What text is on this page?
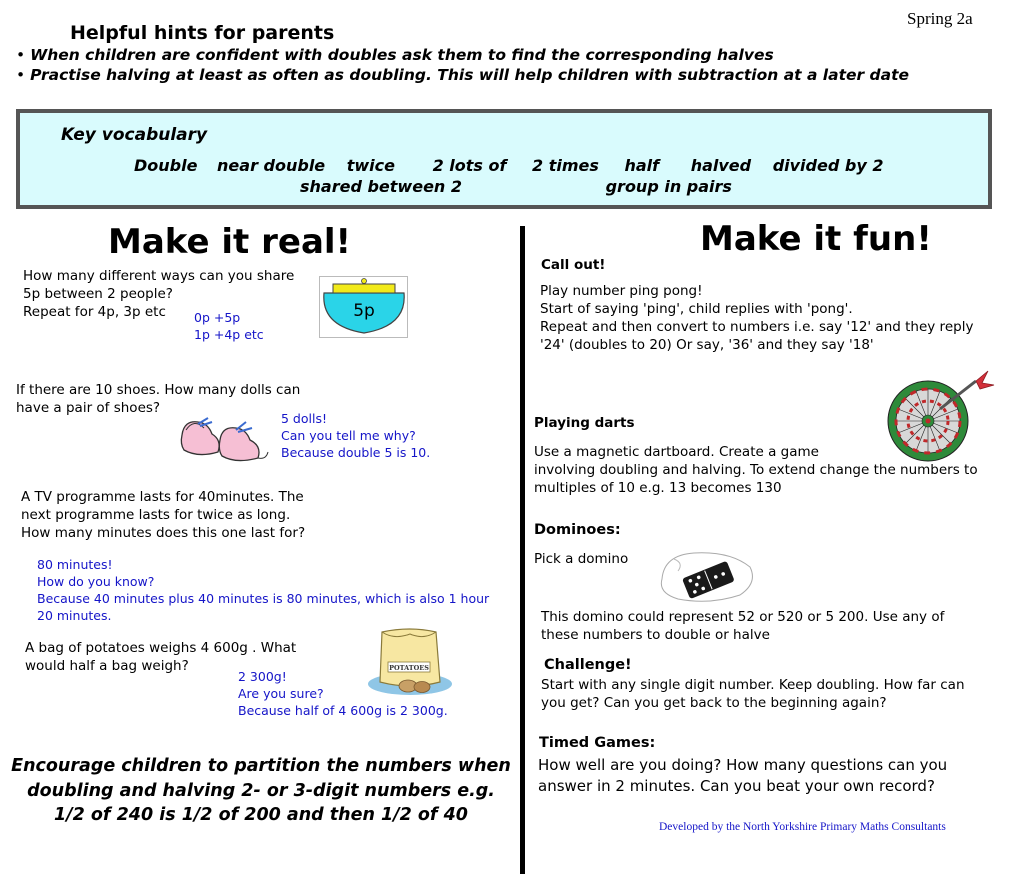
Spring 2a
Helpful hints for parents
• When children are confident with doubles ask them to find the corresponding halves
• Practise halving at least as often as doubling. This will help children with subtraction at a later date
Key vocabulary
Double near double twice 2 lots of 2 times half halved divided by 2
shared between 2	group in pairs
Make it real!
How many different ways can you share
5p between 2 people?
Repeat for 4p, 3p etc	0p +5p
1p +4p etc
5p
If there are 10 shoes. How many dolls can
have a pair of shoes?
5 dolls!
Can you tell me why?
Because double 5 is 10.
A TV programme lasts for 40minutes. The
next programme lasts for twice as long.
How many minutes does this one last for?
80 minutes!
How do you know?
Because 40 minutes plus 40 minutes is 80 minutes, which is also 1 hour
20 minutes.
A bag of potatoes weighs 4 600g . What
would half a bag weigh?	POTATOES
2 300g!
Are you sure?
Because half of 4 600g is 2 300g.
Encourage children to partition the numbers when
doubling and halving 2- or 3-digit numbers e.g.
1/2 of 240 is 1/2 of 200 and then 1/2 of 40
Make it fun!
Call out!
Play number ping pong!
Start of saying 'ping', child replies with 'pong'.
Repeat and then convert to numbers i.e. say '12' and they reply
'24' (doubles to 20) Or say, '36' and they say '18'
Playing darts
Use a magnetic dartboard. Create a game
involving doubling and halving. To extend change the numbers to
multiples of 10 e.g. 13 becomes 130
Dominoes:
Pick a domino
This domino could represent 52 or 520 or 5 200. Use any of
these numbers to double or halve
Challenge!
Start with any single digit number. Keep doubling. How far can
you get? Can you get back to the beginning again?
Timed Games:
How well are you doing? How many questions can you
answer in 2 minutes. Can you beat your own record?
Developed by the North Yorkshire Primary Maths Consultants
